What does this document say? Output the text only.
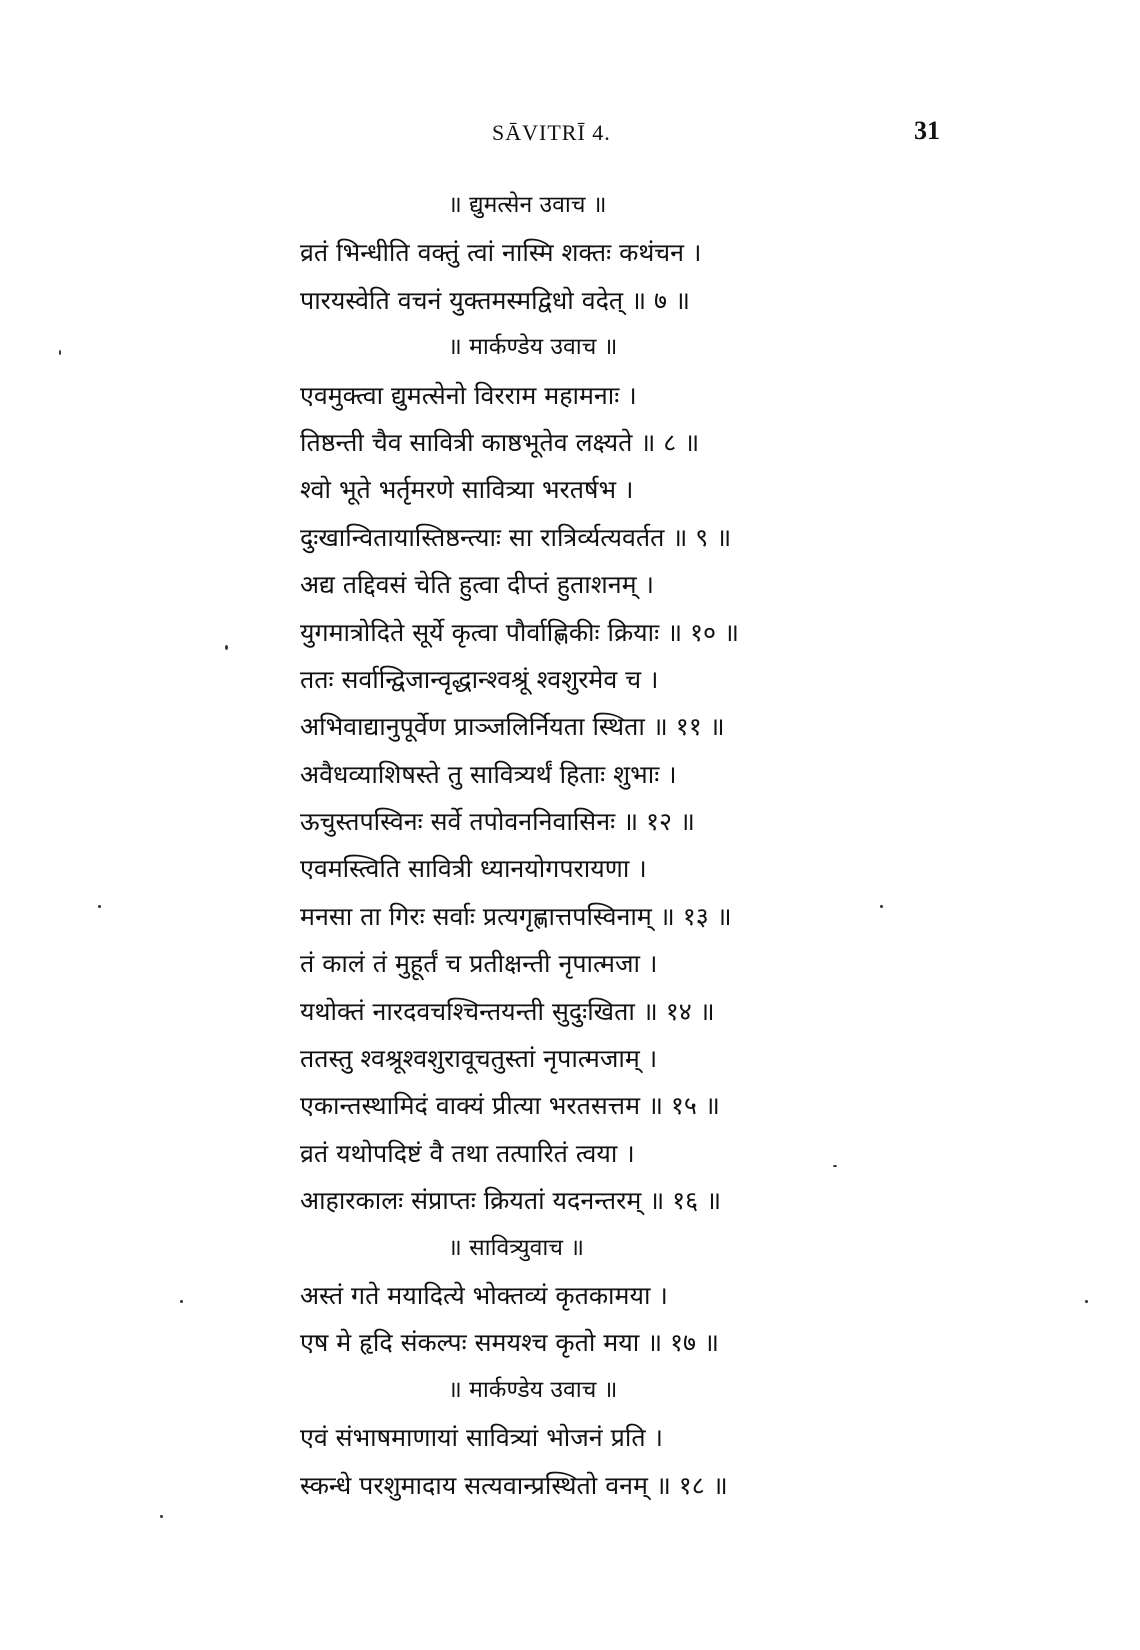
SĀVITRĪ 4.	31
॥ द्युमत्सेन उवाच ॥
व्रतं भिन्धीति वक्तुं त्वां नास्मि शक्तः कथंचन ।
पारयस्वेति वचनं युक्तमस्मद्विधो वदेत् ॥ ७ ॥
॥ मार्कण्डेय उवाच ॥
एवमुक्त्वा द्युमत्सेनो विरराम महामनाः ।
तिष्ठन्ती चैव सावित्री काष्ठभूतेव लक्ष्यते ॥ ८ ॥
श्वो भूते भर्तृमरणे सावित्र्या भरतर्षभ ।
दुःखान्वितायास्तिष्ठन्त्याः सा रात्रिर्व्यत्यवर्तत ॥ ९ ॥
अद्य तद्दिवसं चेति हुत्वा दीप्तं हुताशनम् ।
युगमात्रोदिते सूर्ये कृत्वा पौर्वाह्णिकीः क्रियाः ॥ १० ॥
ततः सर्वान्द्विजान्वृद्धान्श्वश्रूं श्वशुरमेव च ।
अभिवाद्यानुपूर्वेण प्राञ्जलिर्नियता स्थिता ॥ ११ ॥
अवैधव्याशिषस्ते तु सावित्र्यर्थं हिताः शुभाः ।
ऊचुस्तपस्विनः सर्वे तपोवननिवासिनः ॥ १२ ॥
एवमस्त्विति सावित्री ध्यानयोगपरायणा ।
मनसा ता गिरः सर्वाः प्रत्यगृह्णात्तपस्विनाम् ॥ १३ ॥
तं कालं तं मुहूर्तं च प्रतीक्षन्ती नृपात्मजा ।
यथोक्तं नारदवचश्चिन्तयन्ती सुदुःखिता ॥ १४ ॥
ततस्तु श्वश्रूश्वशुरावूचतुस्तां नृपात्मजाम् ।
एकान्तस्थामिदं वाक्यं प्रीत्या भरतसत्तम ॥ १५ ॥
व्रतं यथोपदिष्टं वै तथा तत्पारितं त्वया ।
आहारकालः संप्राप्तः क्रियतां यदनन्तरम् ॥ १६ ॥
॥ सावित्र्युवाच ॥
अस्तं गते मयादित्ये भोक्तव्यं कृतकामया ।
एष मे हृदि संकल्पः समयश्च कृतो मया ॥ १७ ॥
॥ मार्कण्डेय उवाच ॥
एवं संभाषमाणायां सावित्र्यां भोजनं प्रति ।
स्कन्धे परशुमादाय सत्यवान्प्रस्थितो वनम् ॥ १८ ॥
